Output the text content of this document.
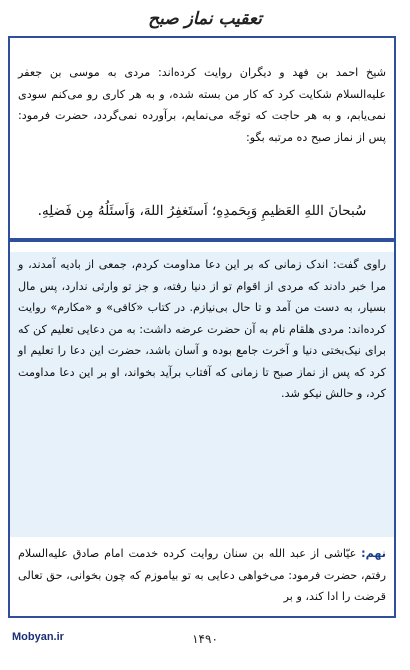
تعقیب نماز صبح
شیخ احمد بن فهد و دیگران روایت کرده‌اند: مردی به موسی بن جعفر علیه‌السلام شکایت کرد که کار من بسته شده، و به هر کاری رو می‌کنم سودی نمی‌یابم، و به هر حاجت که توجّه می‌نمایم، برآورده نمی‌گردد، حضرت فرمود: پس از نماز صبح ده مرتبه بگو:
سُبحانَ اللهِ العَظیمِ وَبِحَمدِهِ؛ اَستَغفِرُ اللهَ، وَاَسئَلُهُ مِن فَضلِهِ.
راوی گفت: اندک زمانی که بر این دعا مداومت کردم، جمعی از بادیه آمدند، و مرا خبر دادند که مردی از اقوام تو از دنیا رفته، و جز تو وارثی ندارد، پس مال بسیار، به دست من آمد و تا حال بی‌نیازم. در کتاب «کافی» و «مکارم» روایت کرده‌اند: مردی هلقام نام به آن حضرت عرضه داشت: به من دعایی تعلیم کن که برای نیک‌بختی دنیا و آخرت جامع بوده و آسان باشد، حضرت این دعا را تعلیم او کرد که پس از نماز صبح تا زمانی که آفتاب برآید بخواند، او بر این دعا مداومت کرد، و حالش نیکو شد.
نهم: عیّاشی از عبد الله بن سنان روایت کرده خدمت امام صادق علیه‌السلام رفتم، حضرت فرمود: می‌خواهی دعایی به تو بیاموزم که چون بخوانی، حق تعالی قرضت را ادا کند، و بر
Mobyan.ir	۱۴۹۰
